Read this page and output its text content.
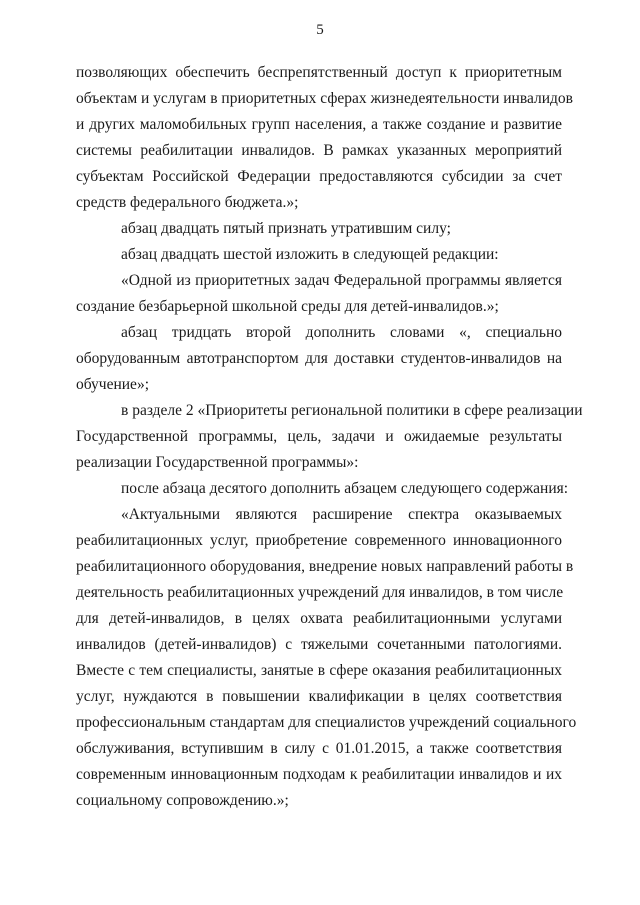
5
позволяющих обеспечить беспрепятственный доступ к приоритетным
объектам и услугам в приоритетных сферах жизнедеятельности инвалидов
и других маломобильных групп населения, а также создание и развитие
системы реабилитации инвалидов. В рамках указанных мероприятий
субъектам Российской Федерации предоставляются субсидии за счет
средств федерального бюджета.»;
абзац двадцать пятый признать утратившим силу;
абзац двадцать шестой изложить в следующей редакции:
«Одной из приоритетных задач Федеральной программы является
создание безбарьерной школьной среды для детей-инвалидов.»;
абзац тридцать второй дополнить словами «, специально
оборудованным автотранспортом для доставки студентов-инвалидов на
обучение»;
в разделе 2 «Приоритеты региональной политики в сфере реализации
Государственной программы, цель, задачи и ожидаемые результаты
реализации Государственной программы»:
после абзаца десятого дополнить абзацем следующего содержания:
«Актуальными являются расширение спектра оказываемых
реабилитационных услуг, приобретение современного инновационного
реабилитационного оборудования, внедрение новых направлений работы в
деятельность реабилитационных учреждений для инвалидов, в том числе
для детей-инвалидов, в целях охвата реабилитационными услугами
инвалидов (детей-инвалидов) с тяжелыми сочетанными патологиями.
Вместе с тем специалисты, занятые в сфере оказания реабилитационных
услуг, нуждаются в повышении квалификации в целях соответствия
профессиональным стандартам для специалистов учреждений социального
обслуживания, вступившим в силу с 01.01.2015, а также соответствия
современным инновационным подходам к реабилитации инвалидов и их
социальному сопровождению.»;
